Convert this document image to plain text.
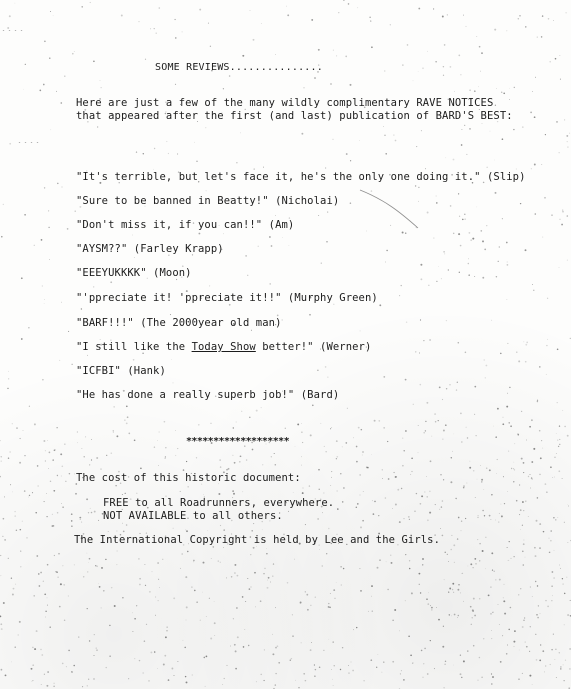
- - - -
- - - -
SOME REVIEWS...............
Here are just a few of the many wildly complimentary RAVE NOTICES
that appeared after the first (and last) publication of BARD'S BEST:
"It's terrible, but let's face it, he's the only one doing it." (Slip)
"Sure to be banned in Beatty!" (Nicholai)
"Don't miss it, if you can!!" (Am)
"AYSM??" (Farley Krapp)
"EEEYUKKKK" (Moon)
"'ppreciate it! 'ppreciate it!!" (Murphy Green)
"BARF!!!" (The 2000year old man)
"I still like the Today Show better!" (Werner)
"ICFBI" (Hank)
"He has done a really superb job!" (Bard)
*******************
The cost of this historic document:
FREE to all Roadrunners, everywhere.
NOT AVAILABLE to all others.
The International Copyright is held by Lee and the Girls.
